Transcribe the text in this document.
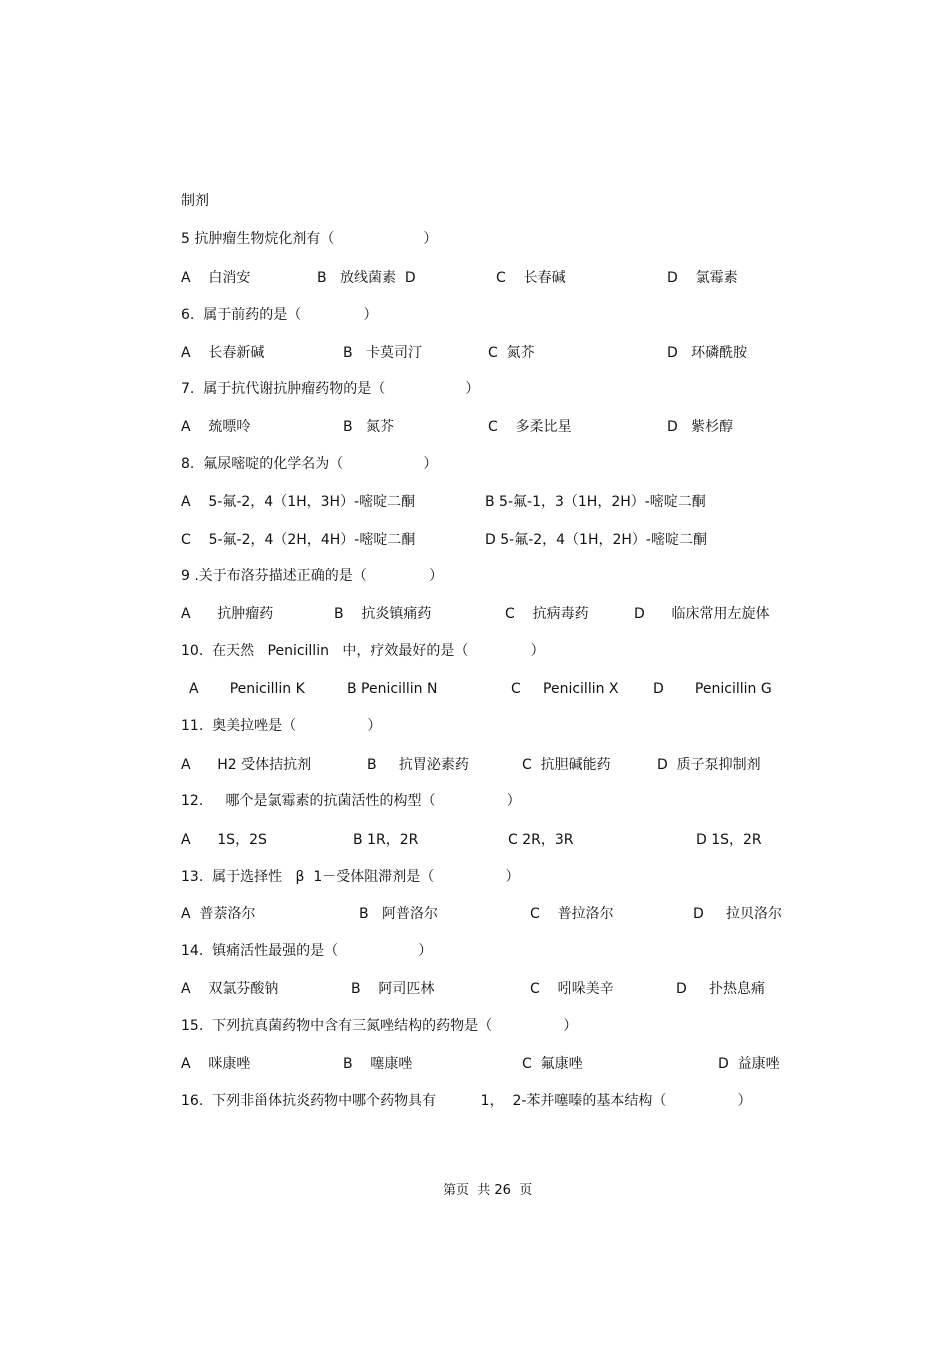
制剂
5 抗肿瘤生物烷化剂有（                    ）
A    白消安	B   放线菌素  D	C    长春碱	D    氯霉素
6.  属于前药的是（              ）
A    长春新碱	B   卡莫司汀	C  氮芥	D   环磷酰胺
7.  属于抗代谢抗肿瘤药物的是（                  ）
A    巯嘌呤	B   氮芥	C    多柔比星	D   紫杉醇
8.  氟尿嘧啶的化学名为（                  ）
A    5-氟-2，4（1H，3H）-嘧啶二酮	B 5-氟-1，3（1H，2H）-嘧啶二酮
C    5-氟-2，4（2H，4H）-嘧啶二酮	D 5-氟-2，4（1H，2H）-嘧啶二酮
9 .关于布洛芬描述正确的是（              ）
A      抗肿瘤药	B    抗炎镇痛药	C    抗病毒药	D      临床常用左旋体
10.  在天然   Penicillin   中，疗效最好的是（              ）
A       Penicillin K	B Penicillin N	C     Penicillin X D       Penicillin G
11.  奥美拉唑是（                ）
A      H2 受体拮抗剂	B     抗胃泌素药	C  抗胆碱能药	D  质子泵抑制剂
12.     哪个是氯霉素的抗菌活性的构型（                ）
A      1S，2S	B 1R，2R	C 2R，3R	D 1S，2R
13.  属于选择性   β  1－受体阻滞剂是（                ）
A  普萘洛尔	B   阿普洛尔	C    普拉洛尔	D     拉贝洛尔
14.  镇痛活性最强的是（                  ）
A    双氯芬酸钠	B    阿司匹林	C    吲哚美辛	D     扑热息痛
15.  下列抗真菌药物中含有三氮唑结构的药物是（                ）
A    咪康唑	B    噻康唑	C  氟康唑	D  益康唑
16.  下列非甾体抗炎药物中哪个药物具有          1，  2-苯并噻嗪的基本结构（                ）
第页  共 26  页
